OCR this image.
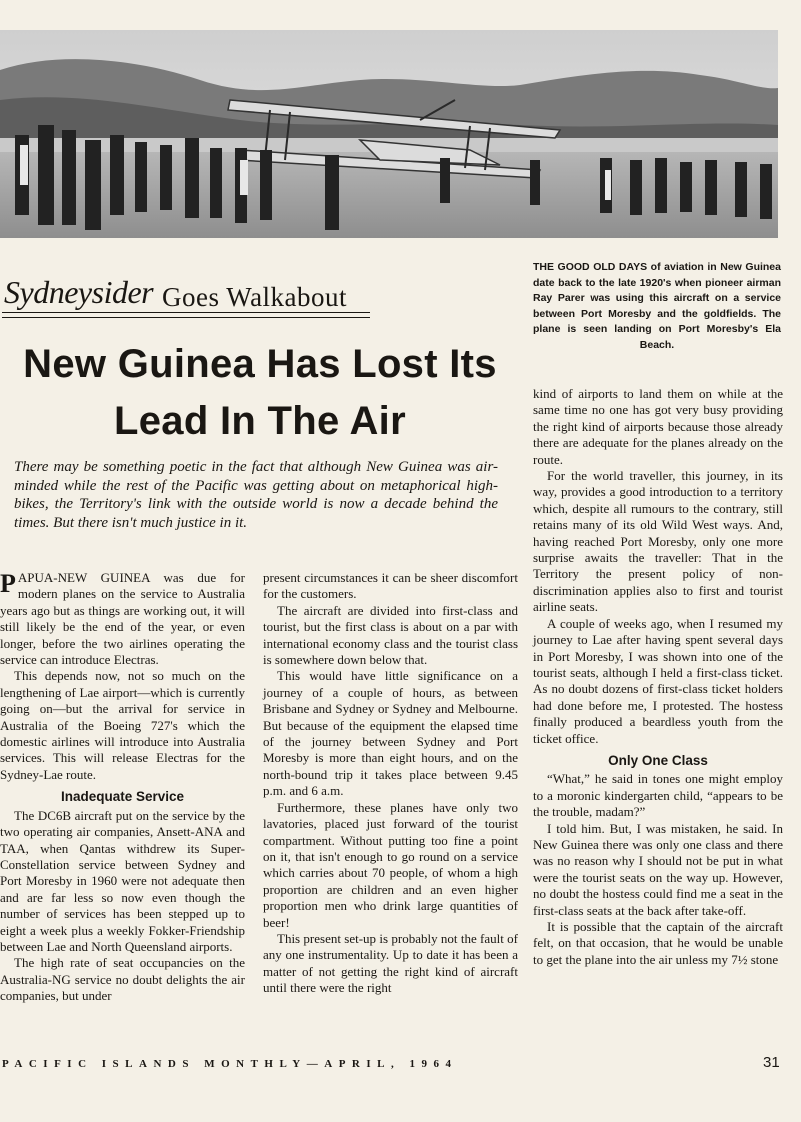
THE GOOD OLD DAYS of aviation in New Guinea date back to the late 1920's when pioneer airman Ray Parer was using this aircraft on a service between Port Moresby and the goldfields. The plane is seen landing on Port Moresby's Ela Beach.
Sydneysider Goes Walkabout
New Guinea Has Lost Its
Lead In The Air
There may be something poetic in the fact that although New Guinea was air-minded while the rest of the Pacific was getting about on metaphorical high-bikes, the Territory's link with the outside world is now a decade behind the times. But there isn't much justice in it.

PAPUA-NEW GUINEA was due for modern planes on the service to Australia years ago but as things are working out, it will still likely be the end of the year, or even longer, before the two airlines operating the service can introduce Electras.

This depends now, not so much on the lengthening of Lae airport—which is currently going on—but the arrival for service in Australia of the Boeing 727's which the domestic airlines will introduce into Australia services. This will release Electras for the Sydney-Lae route.

Inadequate Service

The DC6B aircraft put on the service by the two operating air companies, Ansett-ANA and TAA, when Qantas withdrew its Super-Constellation service between Sydney and Port Moresby in 1960 were not adequate then and are far less so now even though the number of services has been stepped up to eight a week plus a weekly Fokker-Friendship between Lae and North Queensland airports.

The high rate of seat occupancies on the Australia-NG service no doubt delights the air companies, but under

present circumstances it can be sheer discomfort for the customers.

The aircraft are divided into first-class and tourist, but the first class is about on a par with international economy class and the tourist class is somewhere down below that.

This would have little significance on a journey of a couple of hours, as between Brisbane and Sydney or Sydney and Melbourne. But because of the equipment the elapsed time of the journey between Sydney and Port Moresby is more than eight hours, and on the north-bound trip it takes place between 9.45 p.m. and 6 a.m.

Furthermore, these planes have only two lavatories, placed just forward of the tourist compartment. Without putting too fine a point on it, that isn't enough to go round on a service which carries about 70 people, of whom a high proportion are children and an even higher proportion men who drink large quantities of beer!

This present set-up is probably not the fault of any one instrumentality. Up to date it has been a matter of not getting the right kind of aircraft until there were the right

kind of airports to land them on while at the same time no one has got very busy providing the right kind of airports because those already there are adequate for the planes already on the route.

For the world traveller, this journey, in its way, provides a good introduction to a territory which, despite all rumours to the contrary, still retains many of its old Wild West ways. And, having reached Port Moresby, only one more surprise awaits the traveller: That in the Territory the present policy of non-discrimination applies also to first and tourist airline seats.

A couple of weeks ago, when I resumed my journey to Lae after having spent several days in Port Moresby, I was shown into one of the tourist seats, although I held a first-class ticket. As no doubt dozens of first-class ticket holders had done before me, I protested. The hostess finally produced a beardless youth from the ticket office.

Only One Class

“What,” he said in tones one might employ to a moronic kindergarten child, “appears to be the trouble, madam?”

I told him. But, I was mistaken, he said. In New Guinea there was only one class and there was no reason why I should not be put in what were the tourist seats on the way up. However, no doubt the hostess could find me a seat in the first-class seats at the back after take-off.

It is possible that the captain of the aircraft felt, on that occasion, that he would be unable to get the plane into the air unless my 7½ stone

PACIFIC ISLANDS MONTHLY—APRIL, 1964	31
